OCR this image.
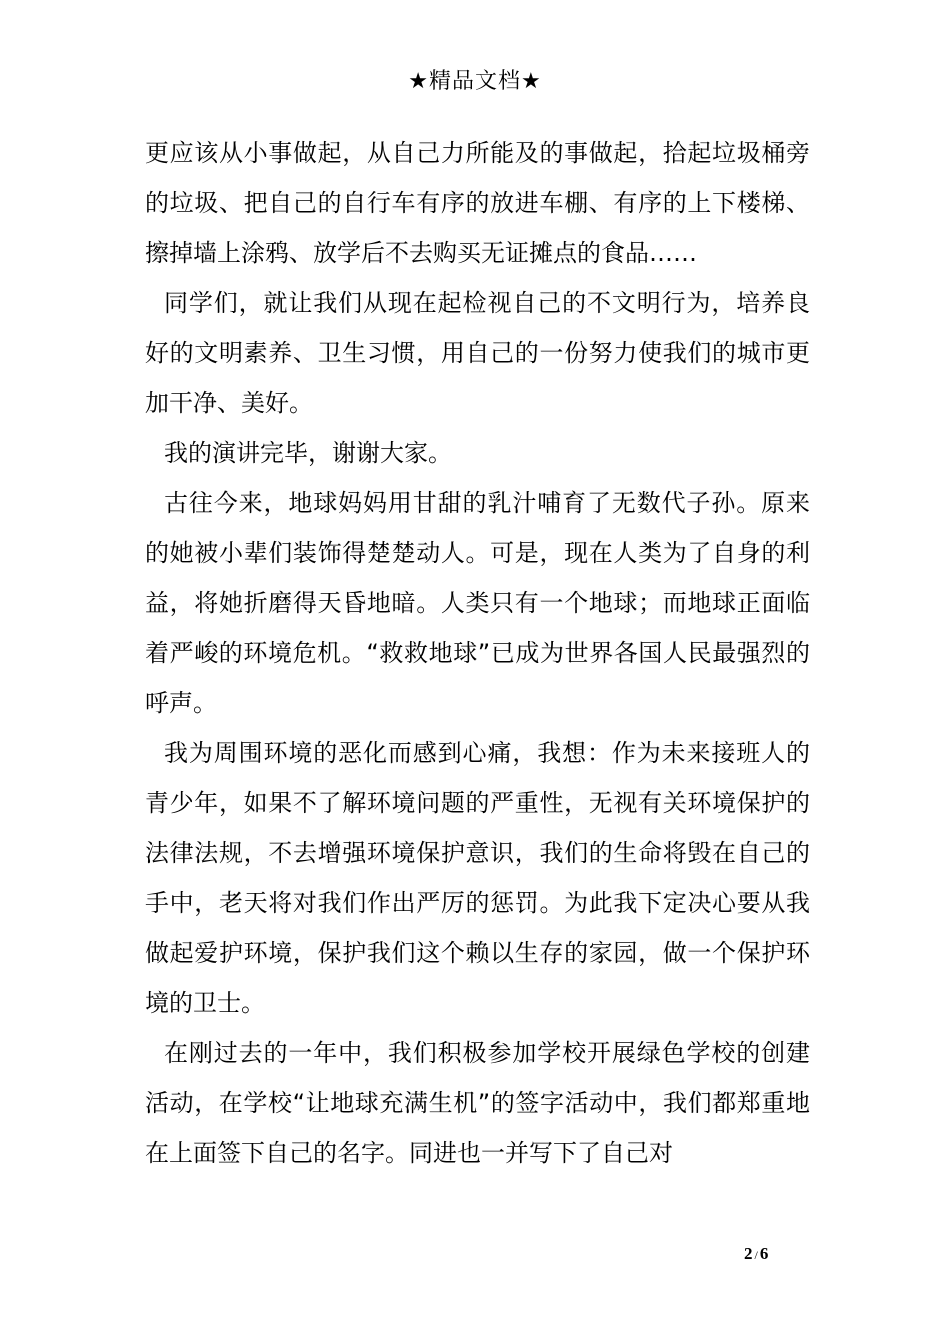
★精品文档★

更应该从小事做起，从自己力所能及的事做起，拾起垃圾桶旁的垃圾、把自己的自行车有序的放进车棚、有序的上下楼梯、擦掉墙上涂鸦、放学后不去购买无证摊点的食品……

同学们，就让我们从现在起检视自己的不文明行为，培养良好的文明素养、卫生习惯，用自己的一份努力使我们的城市更加干净、美好。

我的演讲完毕，谢谢大家。

古往今来，地球妈妈用甘甜的乳汁哺育了无数代子孙。原来的她被小辈们装饰得楚楚动人。可是，现在人类为了自身的利益，将她折磨得天昏地暗。人类只有一个地球；而地球正面临着严峻的环境危机。“救救地球”已成为世界各国人民最强烈的呼声。

我为周围环境的恶化而感到心痛，我想：作为未来接班人的青少年，如果不了解环境问题的严重性，无视有关环境保护的法律法规，不去增强环境保护意识，我们的生命将毁在自己的手中，老天将对我们作出严厉的惩罚。为此我下定决心要从我做起爱护环境，保护我们这个赖以生存的家园，做一个保护环境的卫士。

在刚过去的一年中，我们积极参加学校开展绿色学校的创建活动，在学校“让地球充满生机”的签字活动中，我们都郑重地在上面签下自己的名字。同进也一并写下了自己对

2 / 6
